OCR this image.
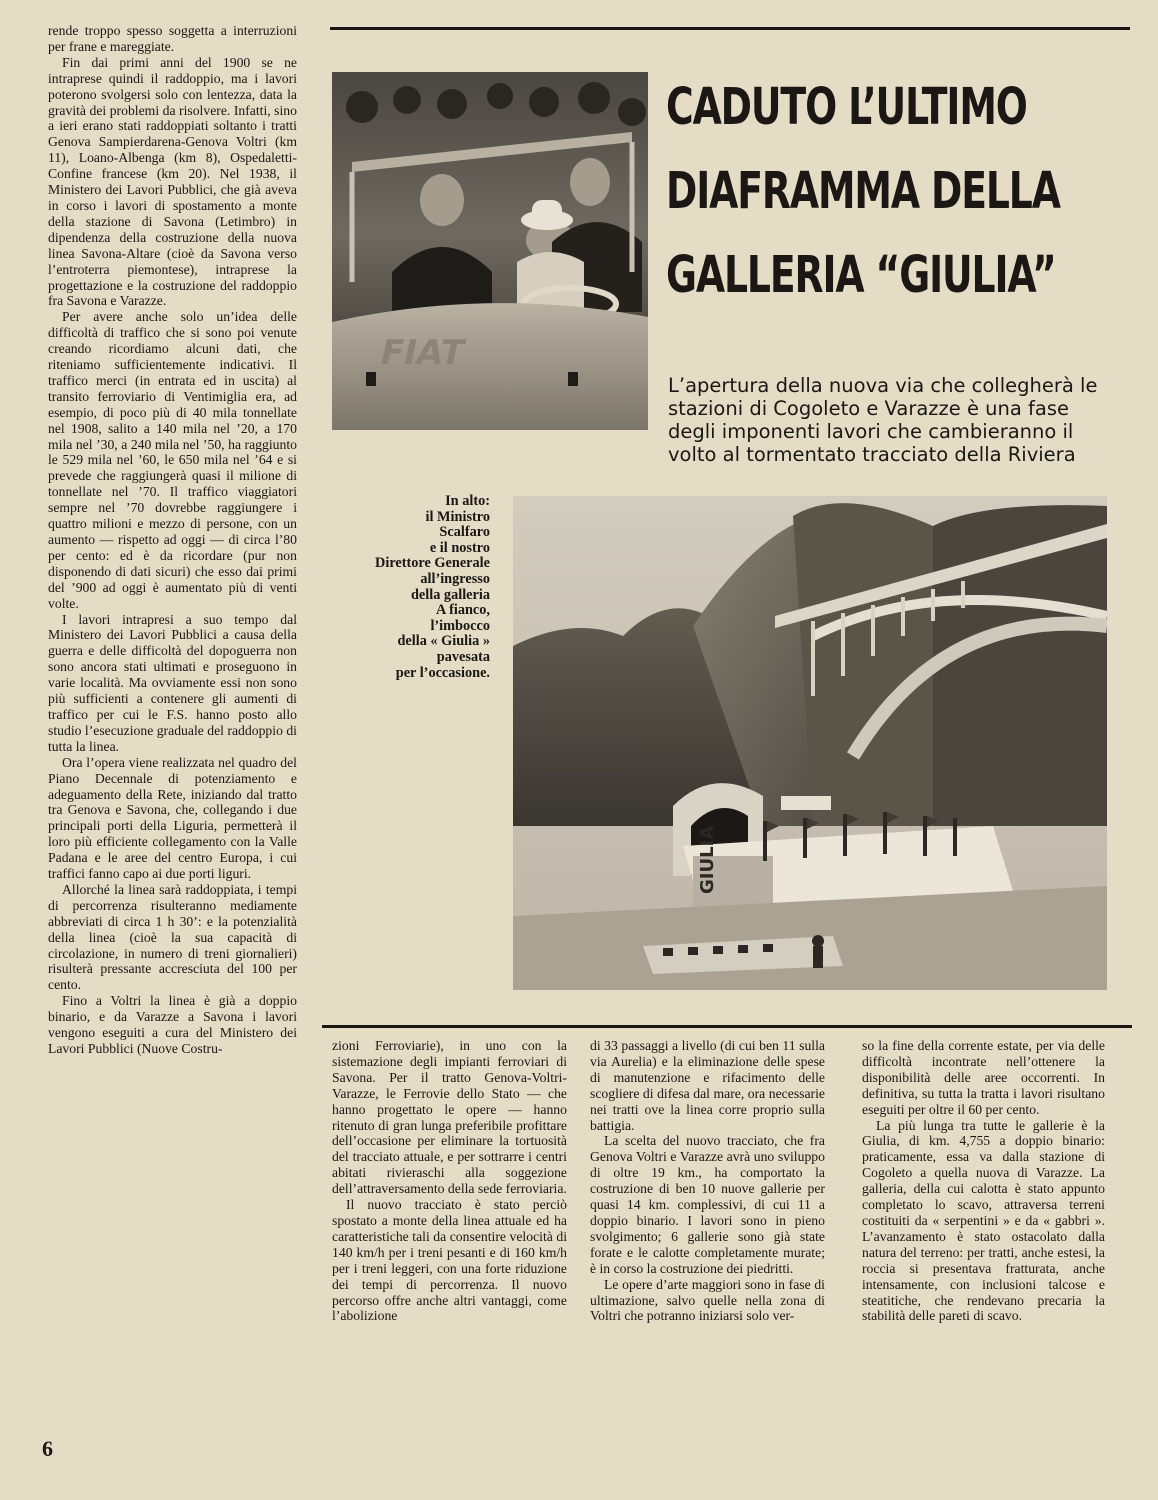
rende troppo spesso soggetta a interruzioni per frane e mareggiate.

Fin dai primi anni del 1900 se ne intraprese quindi il raddoppio, ma i lavori poterono svolgersi solo con lentezza, data la gravità dei problemi da risolvere. Infatti, sino a ieri erano stati raddoppiati soltanto i tratti Genova Sampierdarena-Genova Voltri (km 11), Loano-Albenga (km 8), Ospedaletti-Confine francese (km 20). Nel 1938, il Ministero dei Lavori Pubblici, che già aveva in corso i lavori di spostamento a monte della stazione di Savona (Letimbro) in dipendenza della costruzione della nuova linea Savona-Altare (cioè da Savona verso l’entroterra piemontese), intraprese la progettazione e la costruzione del raddoppio fra Savona e Varazze.

Per avere anche solo un’idea delle difficoltà di traffico che si sono poi venute creando ricordiamo alcuni dati, che riteniamo sufficientemente indicativi. Il traffico merci (in entrata ed in uscita) al transito ferroviario di Ventimiglia era, ad esempio, di poco più di 40 mila tonnellate nel 1908, salito a 140 mila nel ’20, a 170 mila nel ’30, a 240 mila nel ’50, ha raggiunto le 529 mila nel ’60, le 650 mila nel ’64 e si prevede che raggiungerà quasi il milione di tonnellate nel ’70. Il traffico viaggiatori sempre nel ’70 dovrebbe raggiungere i quattro milioni e mezzo di persone, con un aumento — rispetto ad oggi — di circa l’80 per cento: ed è da ricordare (pur non disponendo di dati sicuri) che esso dai primi del ’900 ad oggi è aumentato più di venti volte.

I lavori intrapresi a suo tempo dal Ministero dei Lavori Pubblici a causa della guerra e delle difficoltà del dopoguerra non sono ancora stati ultimati e proseguono in varie località. Ma ovviamente essi non sono più sufficienti a contenere gli aumenti di traffico per cui le F.S. hanno posto allo studio l’esecuzione graduale del raddoppio di tutta la linea.

Ora l’opera viene realizzata nel quadro del Piano Decennale di potenziamento e adeguamento della Rete, iniziando dal tratto tra Genova e Savona, che, collegando i due principali porti della Liguria, permetterà il loro più efficiente collegamento con la Valle Padana e le aree del centro Europa, i cui traffici fanno capo ai due porti liguri.

Allorché la linea sarà raddoppiata, i tempi di percorrenza risulteranno mediamente abbreviati di circa 1 h 30’: e la potenzialità della linea (cioè la sua capacità di circolazione, in numero di treni giornalieri) risulterà pressante accresciuta del 100 per cento.

Fino a Voltri la linea è già a doppio binario, e da Varazze a Savona i lavori vengono eseguiti a cura del Ministero dei Lavori Pubblici (Nuove Costru-

FIAT
CADUTO L’ULTIMO
DIAFRAMMA DELLA
GALLERIA “GIULIA”
L’apertura della nuova via che collegherà le stazioni di Cogoleto e Varazze è una fase degli imponenti lavori che cambieranno il volto al tormentato tracciato della Riviera
In alto:
il Ministro
Scalfaro
e il nostro
Direttore Generale
all’ingresso
della galleria
A fianco,
l’imbocco
della « Giulia »
pavesata
per l’occasione.
GIULIA

zioni Ferroviarie), in uno con la sistemazione degli impianti ferroviari di Savona. Per il tratto Genova-Voltri-Varazze, le Ferrovie dello Stato — che hanno progettato le opere — hanno ritenuto di gran lunga preferibile profittare dell’occasione per eliminare la tortuosità del tracciato attuale, e per sottrarre i centri abitati rivieraschi alla soggezione dell’attraversamento della sede ferroviaria.

Il nuovo tracciato è stato perciò spostato a monte della linea attuale ed ha caratteristiche tali da consentire velocità di 140 km/h per i treni pesanti e di 160 km/h per i treni leggeri, con una forte riduzione dei tempi di percorrenza. Il nuovo percorso offre anche altri vantaggi, come l’abolizione

di 33 passaggi a livello (di cui ben 11 sulla via Aurelia) e la eliminazione delle spese di manutenzione e rifacimento delle scogliere di difesa dal mare, ora necessarie nei tratti ove la linea corre proprio sulla battigia.

La scelta del nuovo tracciato, che fra Genova Voltri e Varazze avrà uno sviluppo di oltre 19 km., ha comportato la costruzione di ben 10 nuove gallerie per quasi 14 km. complessivi, di cui 11 a doppio binario. I lavori sono in pieno svolgimento; 6 gallerie sono già state forate e le calotte completamente murate; è in corso la costruzione dei piedritti.

Le opere d’arte maggiori sono in fase di ultimazione, salvo quelle nella zona di Voltri che potranno iniziarsi solo ver-

so la fine della corrente estate, per via delle difficoltà incontrate nell’ottenere la disponibilità delle aree occorrenti. In definitiva, su tutta la tratta i lavori risultano eseguiti per oltre il 60 per cento.

La più lunga tra tutte le gallerie è la Giulia, di km. 4,755 a doppio binario: praticamente, essa va dalla stazione di Cogoleto a quella nuova di Varazze. La galleria, della cui calotta è stato appunto completato lo scavo, attraversa terreni costituiti da « serpentini » e da « gabbri ». L’avanzamento è stato ostacolato dalla natura del terreno: per tratti, anche estesi, la roccia si presentava fratturata, anche intensamente, con inclusioni talcose e steatitiche, che rendevano precaria la stabilità delle pareti di scavo.

6
